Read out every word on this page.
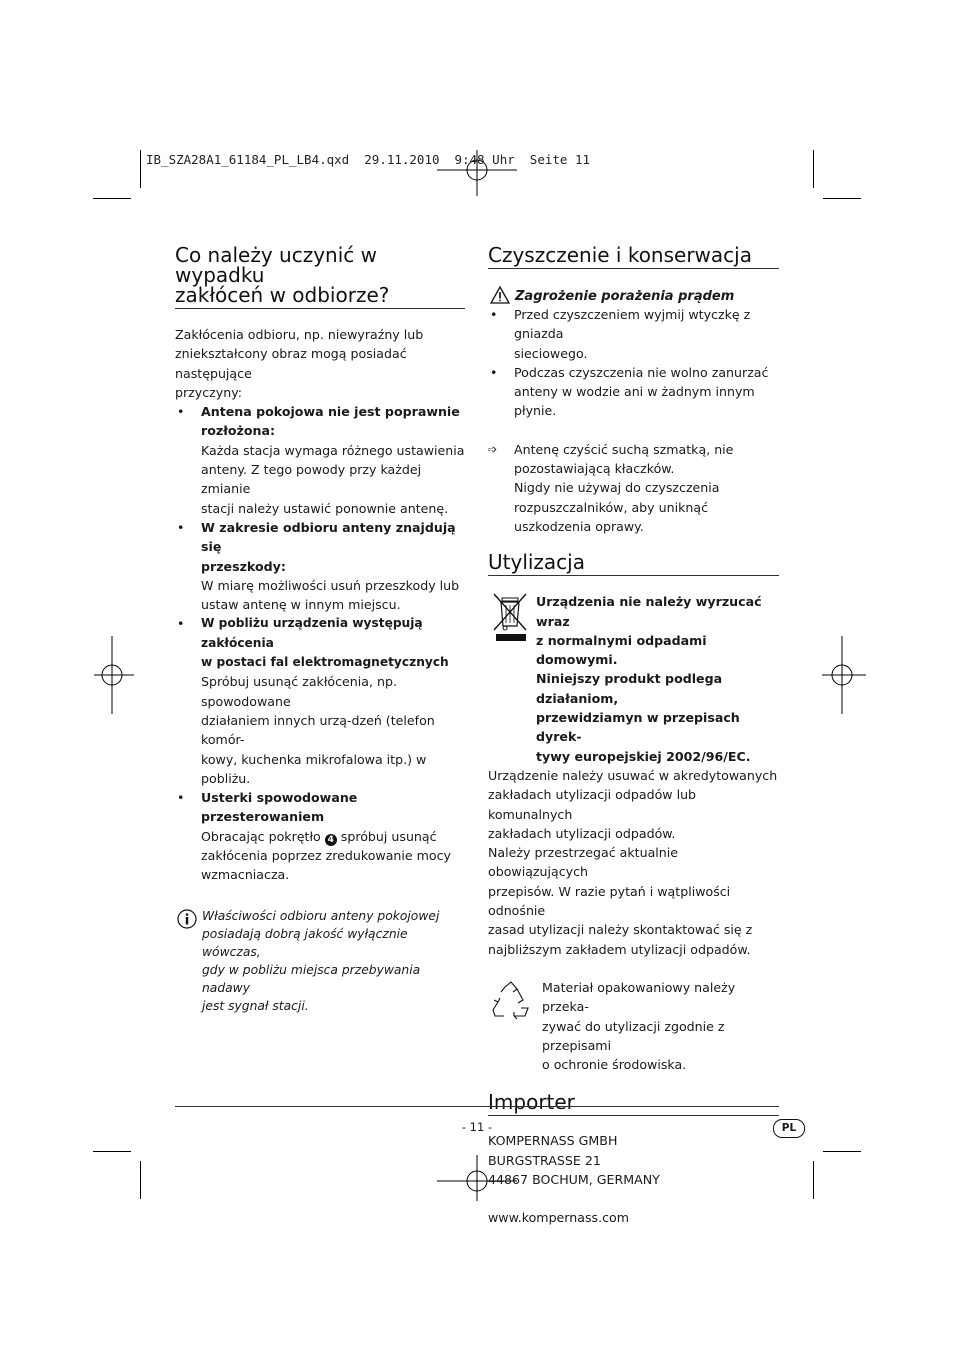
IB_SZA28A1_61184_PL_LB4.qxd  29.11.2010  9:48 Uhr  Seite 11
Co należy uczynić w wypadku
zakłóceń w odbiorze?
Zakłócenia odbioru, np. niewyraźny lub
zniekształcony obraz mogą posiadać następujące
przyczyny:
• Antena pokojowa nie jest poprawnie
rozłożona:
Każda stacja wymaga różnego ustawienia
anteny. Z tego powody przy każdej zmianie
stacji należy ustawić ponownie antenę.
• W zakresie odbioru anteny znajdują się
przeszkody:
W miarę możliwości usuń przeszkody lub
ustaw antenę w innym miejscu.
• W pobliżu urządzenia występują zakłócenia
w postaci fal elektromagnetycznych
Spróbuj usunąć zakłócenia, np. spowodowane
działaniem innych urzą-dzeń (telefon komór-
kowy, kuchenka mikrofalowa itp.) w pobliżu.
• Usterki spowodowane przesterowaniem
Obracając pokrętło 4 spróbuj usunąć
zakłócenia poprzez zredukowanie mocy
wzmacniacza.
Właściwości odbioru anteny pokojowej
posiadają dobrą jakość wyłącznie wówczas,
gdy w pobliżu miejsca przebywania nadawy
jest sygnał stacji.
Czyszczenie i konserwacja
Zagrożenie porażenia prądem
• Przed czyszczeniem wyjmij wtyczkę z gniazda
sieciowego.
• Podczas czyszczenia nie wolno zanurzać
anteny w wodzie ani w żadnym innym płynie.
➩ Antenę czyścić suchą szmatką, nie
pozostawiającą kłaczków.
Nigdy nie używaj do czyszczenia
rozpuszczalników, aby uniknąć
uszkodzenia oprawy.
Utylizacja
Urządzenia nie należy wyrzucać wraz
z normalnymi odpadami domowymi.
Niniejszy produkt podlega działaniom,
przewidziamyn w przepisach dyrek-
tywy europejskiej 2002/96/EC.
Urządzenie należy usuwać w akredytowanych
zakładach utylizacji odpadów lub komunalnych
zakładach utylizacji odpadów.
Należy przestrzegać aktualnie obowiązujących
przepisów. W razie pytań i wątpliwości odnośnie
zasad utylizacji należy skontaktować się z
najbliższym zakładem utylizacji odpadów.
Materiał opakowaniowy należy przeka-
zywać do utylizacji zgodnie z przepisami
o ochronie środowiska.
Importer
KOMPERNASS GMBH
BURGSTRASSE 21
44867 BOCHUM, GERMANY
www.kompernass.com
- 11 -	PL
